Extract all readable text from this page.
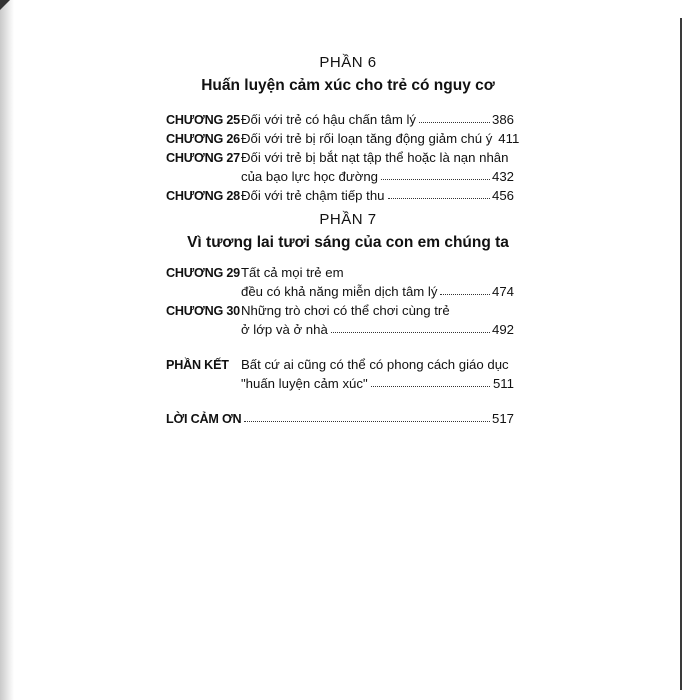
PHẦN 6
Huấn luyện cảm xúc cho trẻ có nguy cơ
CHƯƠNG 25 Đối với trẻ có hậu chấn tâm lý	386
CHƯƠNG 26 Đối với trẻ bị rối loạn tăng động giảm chú ý 411
CHƯƠNG 27 Đối với trẻ bị bắt nạt tập thể hoặc là nạn nhân
của bạo lực học đường	432
CHƯƠNG 28 Đối với trẻ chậm tiếp thu	456
PHẦN 7
Vì tương lai tươi sáng của con em chúng ta
CHƯƠNG 29 Tất cả mọi trẻ em
đều có khả năng miễn dịch tâm lý	474
CHƯƠNG 30 Những trò chơi có thể chơi cùng trẻ
ở lớp và ở nhà	492
PHẦN KẾT Bất cứ ai cũng có thể có phong cách giáo dục
"huấn luyện cảm xúc"	511
LỜI CẢM ƠN	517
